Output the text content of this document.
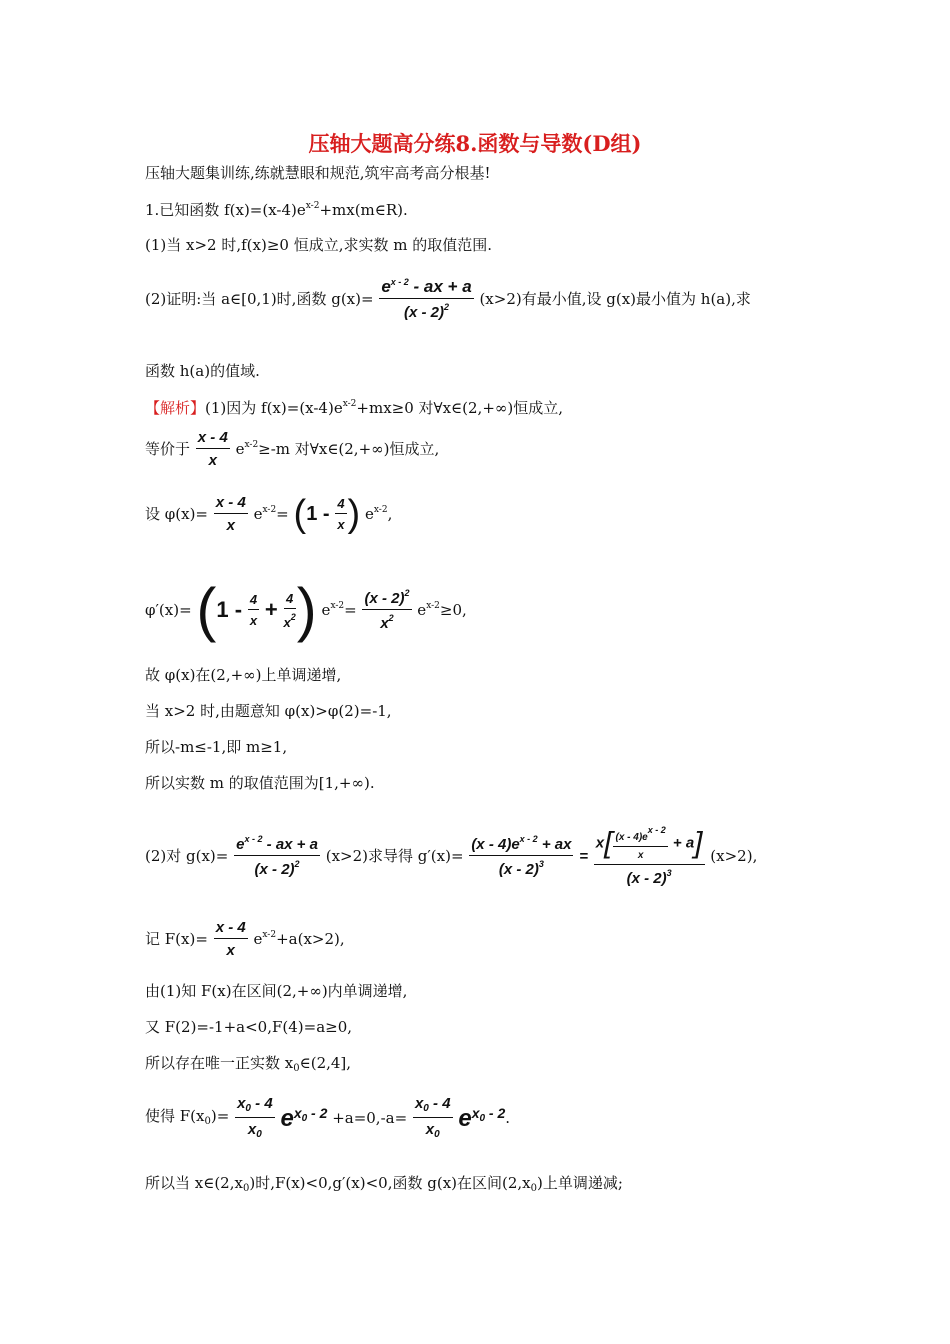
压轴大题高分练8.函数与导数(D组)
压轴大题集训练,练就慧眼和规范,筑牢高考高分根基!
1.已知函数 $f(x)=(x-4)e^{x-2}+mx(m\in R)$.
(1)当 x>2 时,f(x)≥0 恒成立,求实数 m 的取值范围.
(2)证明:当 a∈[0,1)时,函数 $g(x)= \frac{e^{x - 2} - ax + a}{(x - 2)^2} (x>2)$有最小值,设 g(x)最小值为 h(a),求
函数 h(a)的值域.
【解析】(1)因为 $f(x)=(x-4)e^{x-2}+mx\ge 0$ 对∀x∈(2,+∞)恒成立,
等价于 $\frac{x - 4}{x} e^{x-2}\ge-m$ 对∀x∈(2,+∞)恒成立,
设 $\varphi(x)= \frac{x - 4}{x} e^{x-2}= (1 - \frac{4}{x}$ ) $e^{x-2}$,
$\varphi'(x)= (1 - \frac{4}{x} + \frac{4}{x^2}$ ) $e^{x-2}= \frac{(x - 2)^2}{x^2} e^{x-2}\ge 0$,
故 φ(x)在(2,+∞)上单调递增,
当 x>2 时,由题意知 φ(x)>φ(2)=-1,
所以-m≤-1,即 m≥1,
所以实数 m 的取值范围为[1,+∞).
(2)对 $g(x)= \frac{e^{x - 2} - ax + a}{(x - 2)^2} (x>2)$求导得 $g'(x)= \frac{(x - 4)e^{x - 2} + ax}{(x - 2)^3} = \frac{x[ \frac{(x - 4)ex - 2}{x} + a]}{(x - 2)^3} (x>2)$,
记 $F(x)= \frac{x - 4}{x} e^{x-2}+a(x>2)$,
由(1)知 F(x)在区间(2,+∞)内单调递增,
又 F(2)=-1+a<0,F(4)=a≥0,
所以存在唯一正实数 $x_0\in(2,4]$,
使得 $F(x_0)= \frac{x_0 - 4}{x_0} e^{x_0 - 2} +a=0,-a= \frac{x_0 - 4}{x_0} e^{x_0 - 2}$.
所以当 $x\in(2,x_0)$时,F(x)<0,g′(x)<0,函数 g(x)在区间$(2,x_0)$上单调递减;
